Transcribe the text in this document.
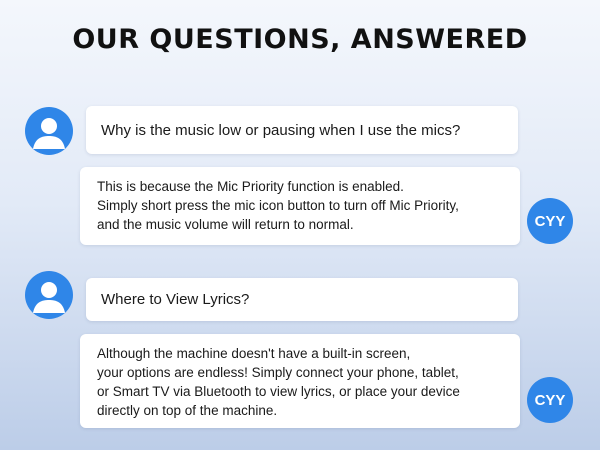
OUR QUESTIONS, ANSWERED
Why is the music low or pausing when I use the mics?

This is because the Mic Priority function is enabled.
Simply short press the mic icon button to turn off Mic Priority,
and the music volume will return to normal.	CYY
Where to View Lyrics?

Although the machine doesn't have a built-in screen,
your options are endless! Simply connect your phone, tablet,
or Smart TV via Bluetooth to view lyrics, or place your device
directly on top of the machine.

CYY
